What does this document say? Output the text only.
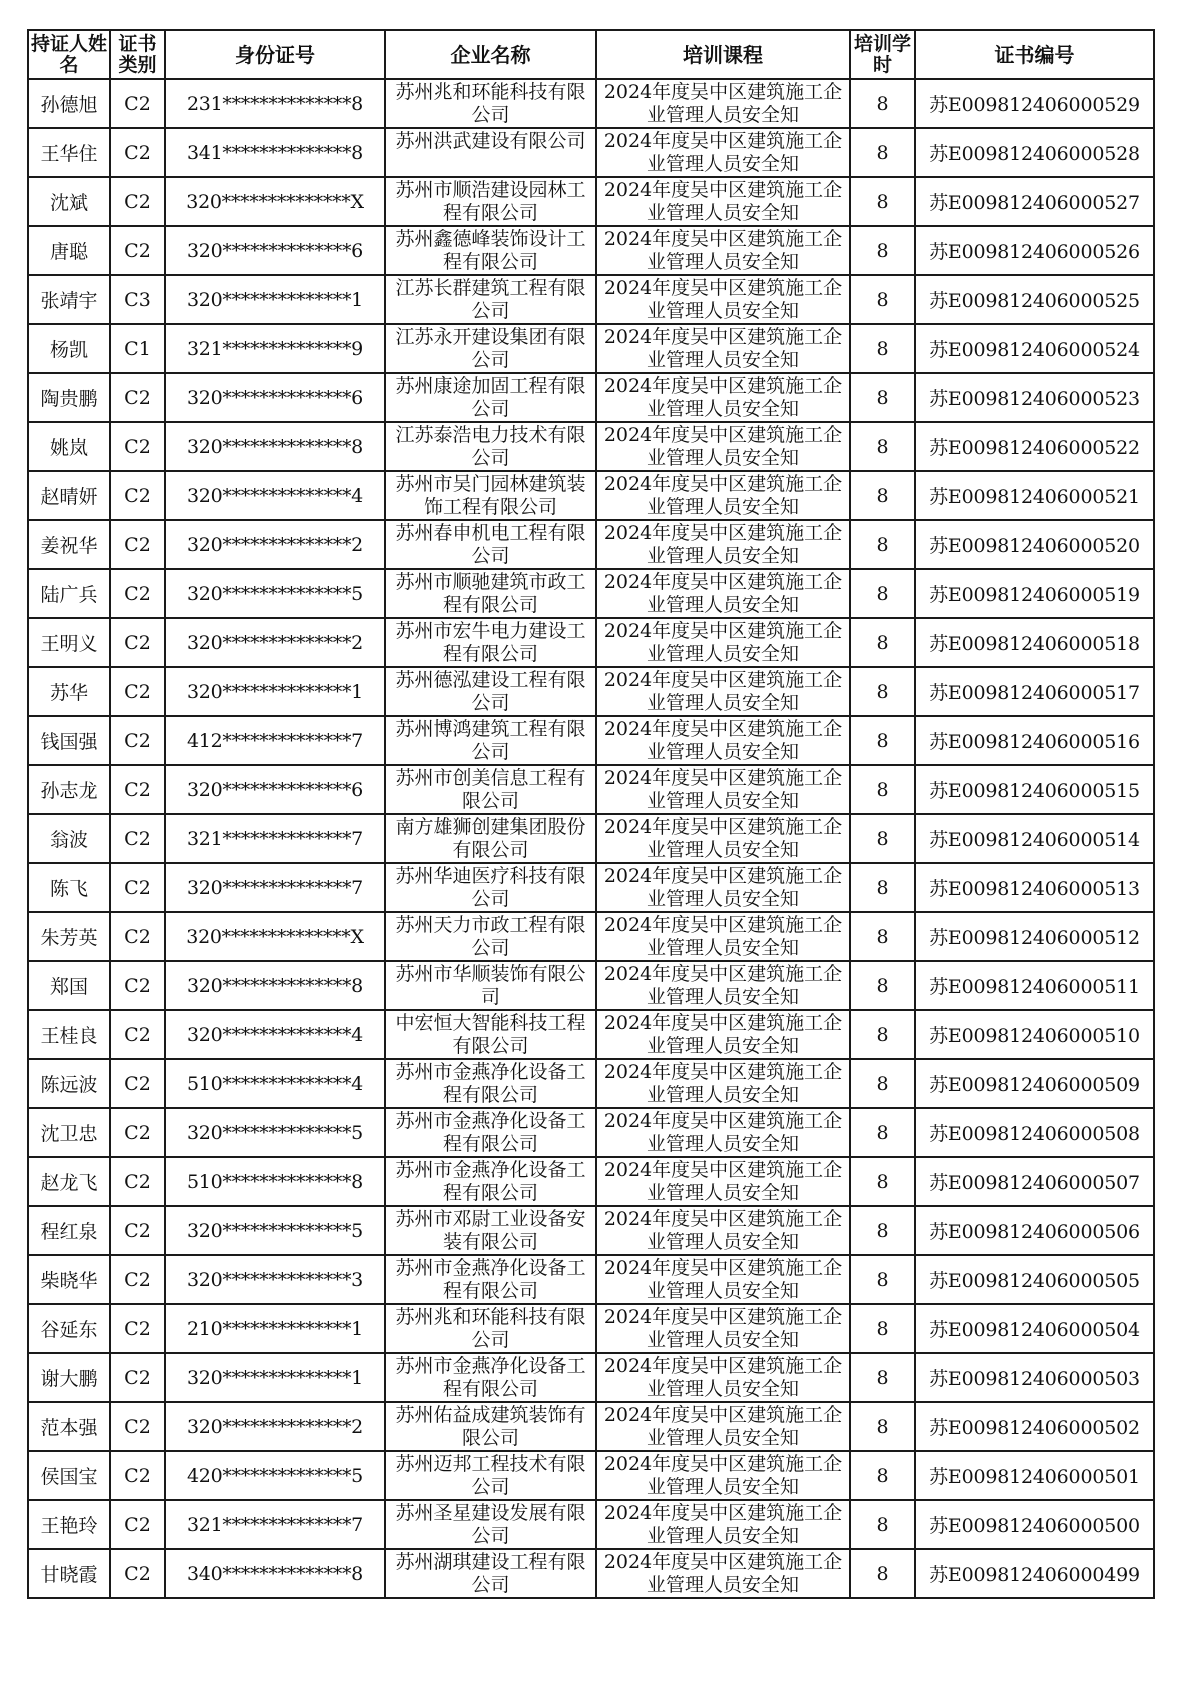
持证人姓名	证书类别	身份证号	企业名称	培训课程	培训学时	证书编号
孙德旭	C2	231**************8	苏州兆和环能科技有限公司	2024年度吴中区建筑施工企业管理人员安全知	8	苏E009812406000529
王华住	C2	341**************8	苏州洪武建设有限公司	2024年度吴中区建筑施工企业管理人员安全知	8	苏E009812406000528
沈斌	C2	320**************X	苏州市顺浩建设园林工程有限公司	2024年度吴中区建筑施工企业管理人员安全知	8	苏E009812406000527
唐聪	C2	320**************6	苏州鑫德峰装饰设计工程有限公司	2024年度吴中区建筑施工企业管理人员安全知	8	苏E009812406000526
张靖宇	C3	320**************1	江苏长群建筑工程有限公司	2024年度吴中区建筑施工企业管理人员安全知	8	苏E009812406000525
杨凯	C1	321**************9	江苏永开建设集团有限公司	2024年度吴中区建筑施工企业管理人员安全知	8	苏E009812406000524
陶贵鹏	C2	320**************6	苏州康途加固工程有限公司	2024年度吴中区建筑施工企业管理人员安全知	8	苏E009812406000523
姚岚	C2	320**************8	江苏泰浩电力技术有限公司	2024年度吴中区建筑施工企业管理人员安全知	8	苏E009812406000522
赵晴妍	C2	320**************4	苏州市吴门园林建筑装饰工程有限公司	2024年度吴中区建筑施工企业管理人员安全知	8	苏E009812406000521
姜祝华	C2	320**************2	苏州春申机电工程有限公司	2024年度吴中区建筑施工企业管理人员安全知	8	苏E009812406000520
陆广兵	C2	320**************5	苏州市顺驰建筑市政工程有限公司	2024年度吴中区建筑施工企业管理人员安全知	8	苏E009812406000519
王明义	C2	320**************2	苏州市宏牛电力建设工程有限公司	2024年度吴中区建筑施工企业管理人员安全知	8	苏E009812406000518
苏华	C2	320**************1	苏州德泓建设工程有限公司	2024年度吴中区建筑施工企业管理人员安全知	8	苏E009812406000517
钱国强	C2	412**************7	苏州博鸿建筑工程有限公司	2024年度吴中区建筑施工企业管理人员安全知	8	苏E009812406000516
孙志龙	C2	320**************6	苏州市创美信息工程有限公司	2024年度吴中区建筑施工企业管理人员安全知	8	苏E009812406000515
翁波	C2	321**************7	南方雄狮创建集团股份有限公司	2024年度吴中区建筑施工企业管理人员安全知	8	苏E009812406000514
陈飞	C2	320**************7	苏州华迪医疗科技有限公司	2024年度吴中区建筑施工企业管理人员安全知	8	苏E009812406000513
朱芳英	C2	320**************X	苏州天力市政工程有限公司	2024年度吴中区建筑施工企业管理人员安全知	8	苏E009812406000512
郑国	C2	320**************8	苏州市华顺装饰有限公司	2024年度吴中区建筑施工企业管理人员安全知	8	苏E009812406000511
王桂良	C2	320**************4	中宏恒大智能科技工程有限公司	2024年度吴中区建筑施工企业管理人员安全知	8	苏E009812406000510
陈远波	C2	510**************4	苏州市金燕净化设备工程有限公司	2024年度吴中区建筑施工企业管理人员安全知	8	苏E009812406000509
沈卫忠	C2	320**************5	苏州市金燕净化设备工程有限公司	2024年度吴中区建筑施工企业管理人员安全知	8	苏E009812406000508
赵龙飞	C2	510**************8	苏州市金燕净化设备工程有限公司	2024年度吴中区建筑施工企业管理人员安全知	8	苏E009812406000507
程红泉	C2	320**************5	苏州市邓尉工业设备安装有限公司	2024年度吴中区建筑施工企业管理人员安全知	8	苏E009812406000506
柴晓华	C2	320**************3	苏州市金燕净化设备工程有限公司	2024年度吴中区建筑施工企业管理人员安全知	8	苏E009812406000505
谷延东	C2	210**************1	苏州兆和环能科技有限公司	2024年度吴中区建筑施工企业管理人员安全知	8	苏E009812406000504
谢大鹏	C2	320**************1	苏州市金燕净化设备工程有限公司	2024年度吴中区建筑施工企业管理人员安全知	8	苏E009812406000503
范本强	C2	320**************2	苏州佑益成建筑装饰有限公司	2024年度吴中区建筑施工企业管理人员安全知	8	苏E009812406000502
侯国宝	C2	420**************5	苏州迈邦工程技术有限公司	2024年度吴中区建筑施工企业管理人员安全知	8	苏E009812406000501
王艳玲	C2	321**************7	苏州圣星建设发展有限公司	2024年度吴中区建筑施工企业管理人员安全知	8	苏E009812406000500
甘晓霞	C2	340**************8	苏州湖琪建设工程有限公司	2024年度吴中区建筑施工企业管理人员安全知	8	苏E009812406000499
